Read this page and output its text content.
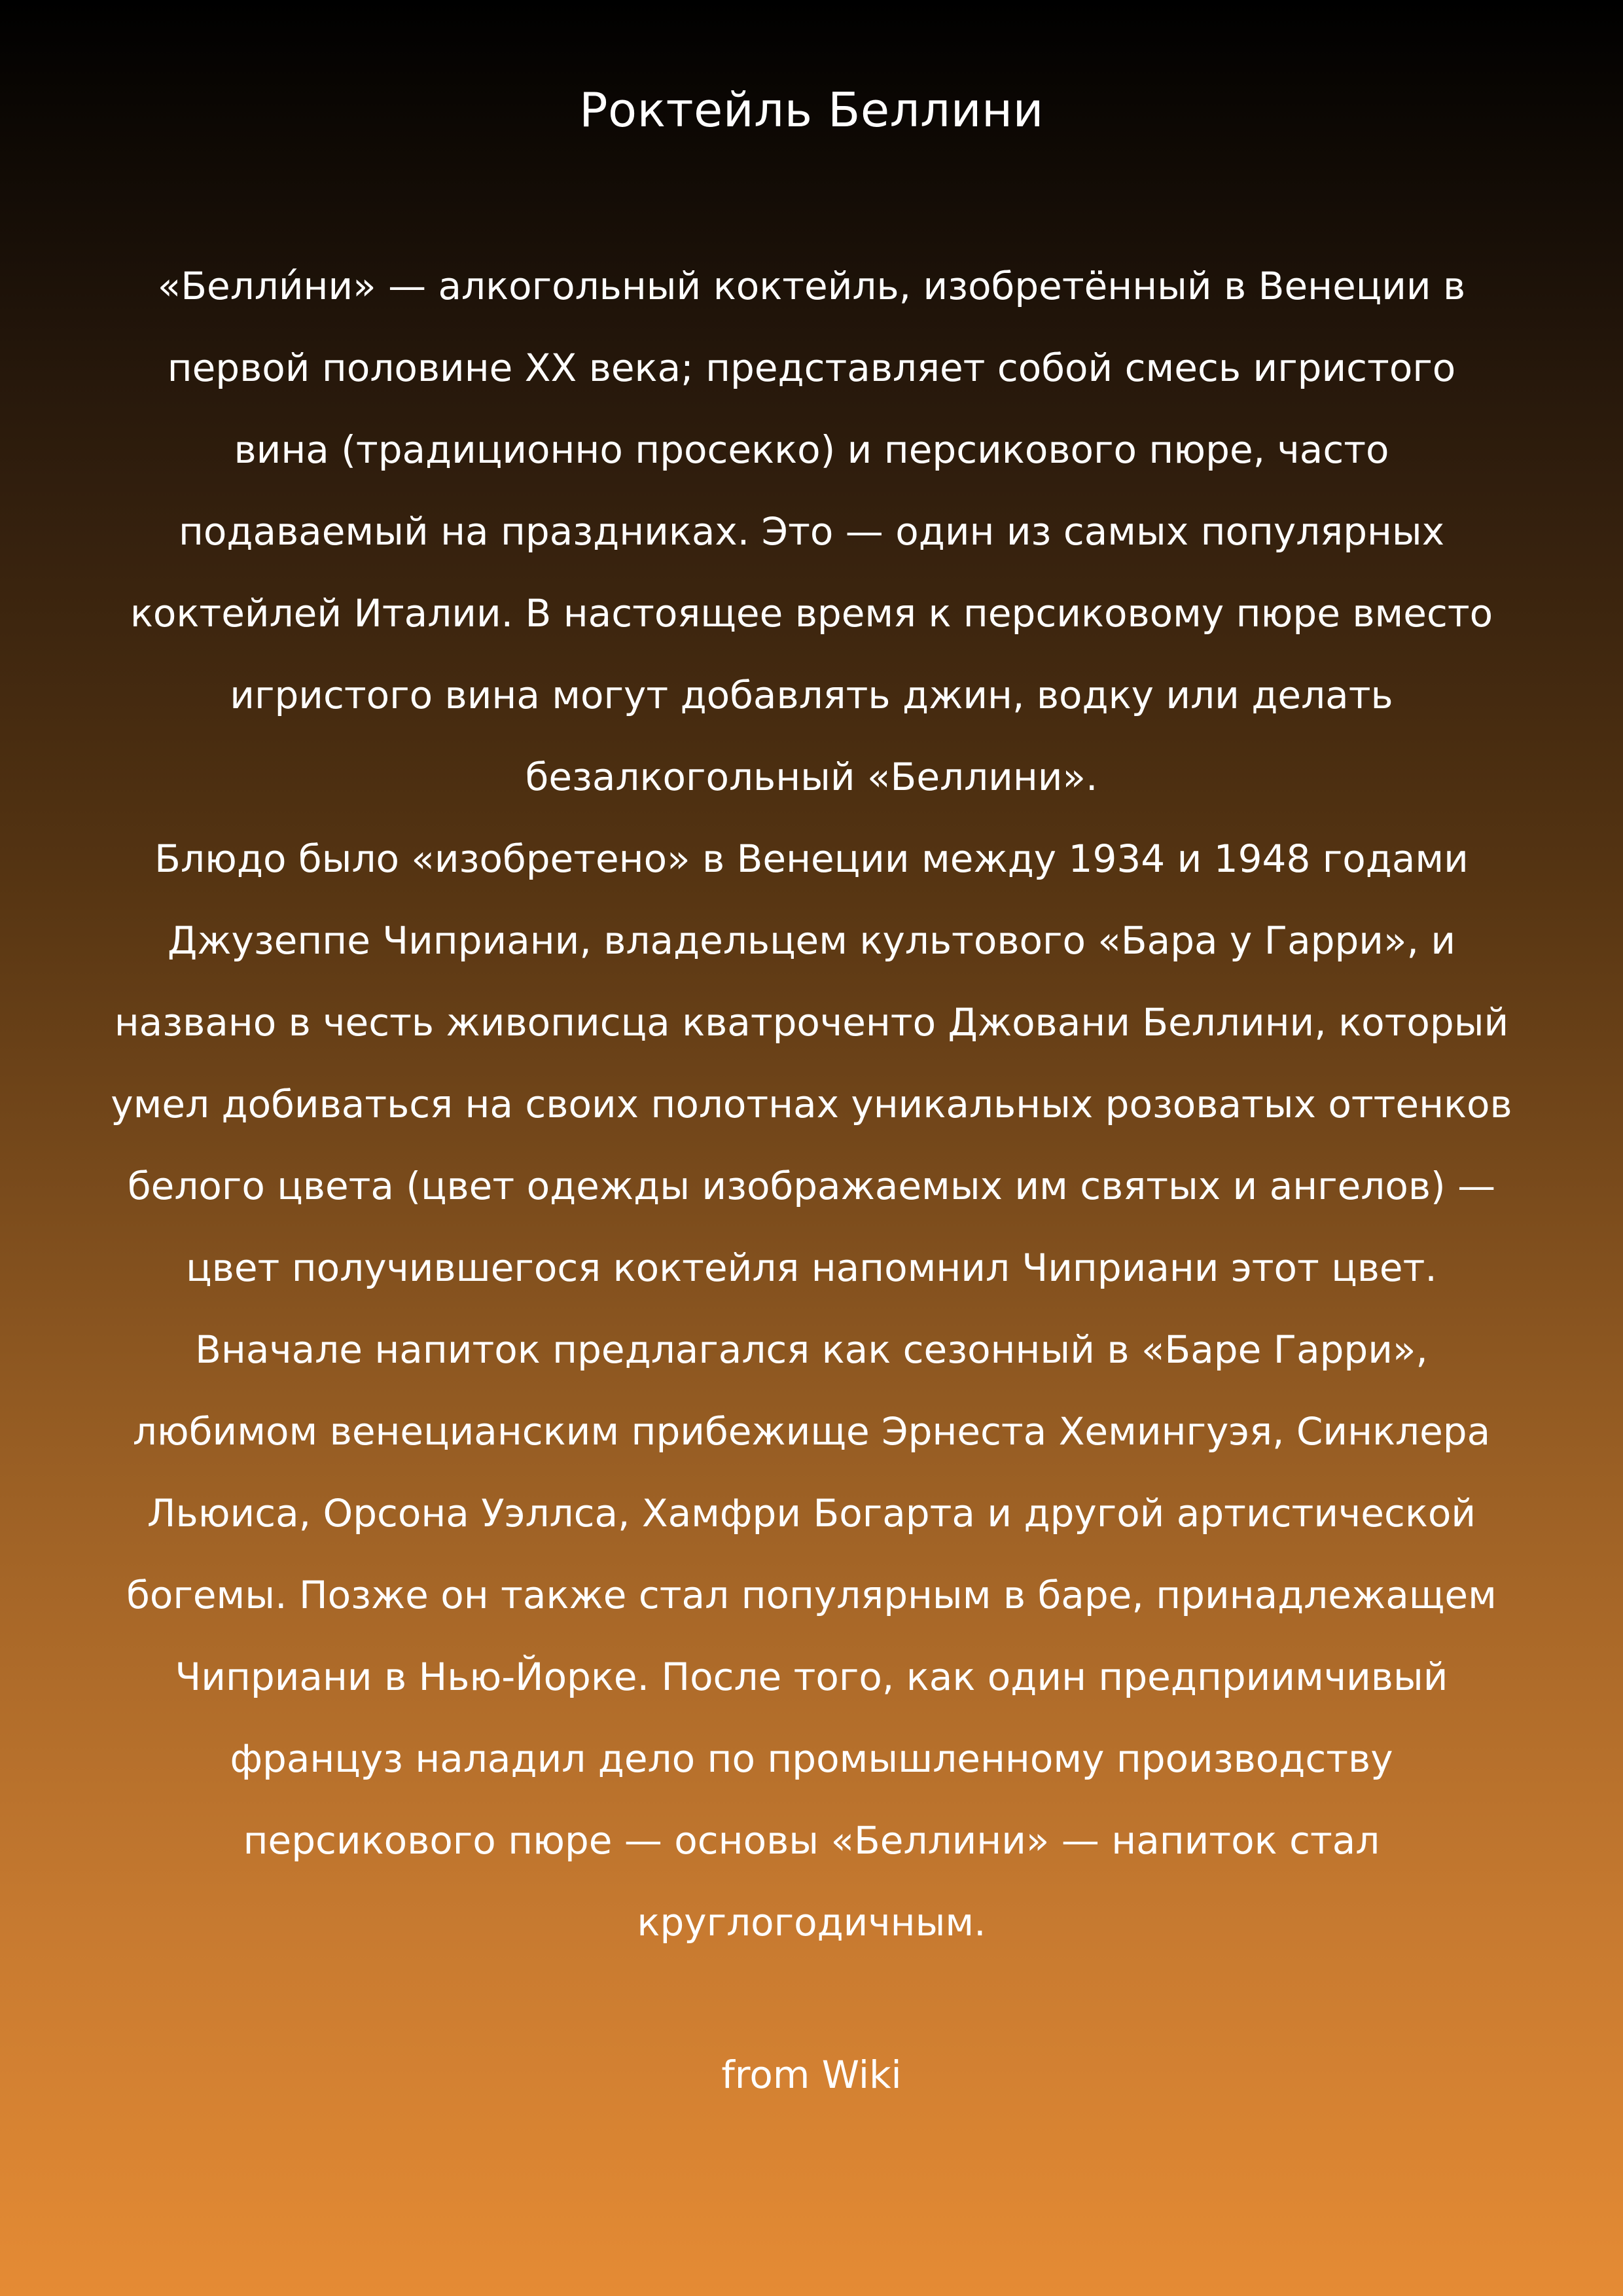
Роктейль Беллини
«Белли́ни» — алкогольный коктейль, изобретённый в Венеции в
первой половине XX века; представляет собой смесь игристого
вина (традиционно просекко) и персикового пюре, часто
подаваемый на праздниках. Это — один из самых популярных
коктейлей Италии. В настоящее время к персиковому пюре вместо
игристого вина могут добавлять джин, водку или делать
безалкогольный «Беллини».
Блюдо было «изобретено» в Венеции между 1934 и 1948 годами
Джузеппе Чиприани, владельцем культового «Бара у Гарри», и
названо в честь живописца кватроченто Джовани Беллини, который
умел добиваться на своих полотнах уникальных розоватых оттенков
белого цвета (цвет одежды изображаемых им святых и ангелов) —
цвет получившегося коктейля напомнил Чиприани этот цвет.
Вначале напиток предлагался как сезонный в «Баре Гарри»,
любимом венецианским прибежище Эрнеста Хемингуэя, Синклера
Льюиса, Орсона Уэллса, Хамфри Богарта и другой артистической
богемы. Позже он также стал популярным в баре, принадлежащем
Чиприани в Нью-Йорке. После того, как один предприимчивый
француз наладил дело по промышленному производству
персикового пюре — основы «Беллини» — напиток стал
круглогодичным.
from Wiki
